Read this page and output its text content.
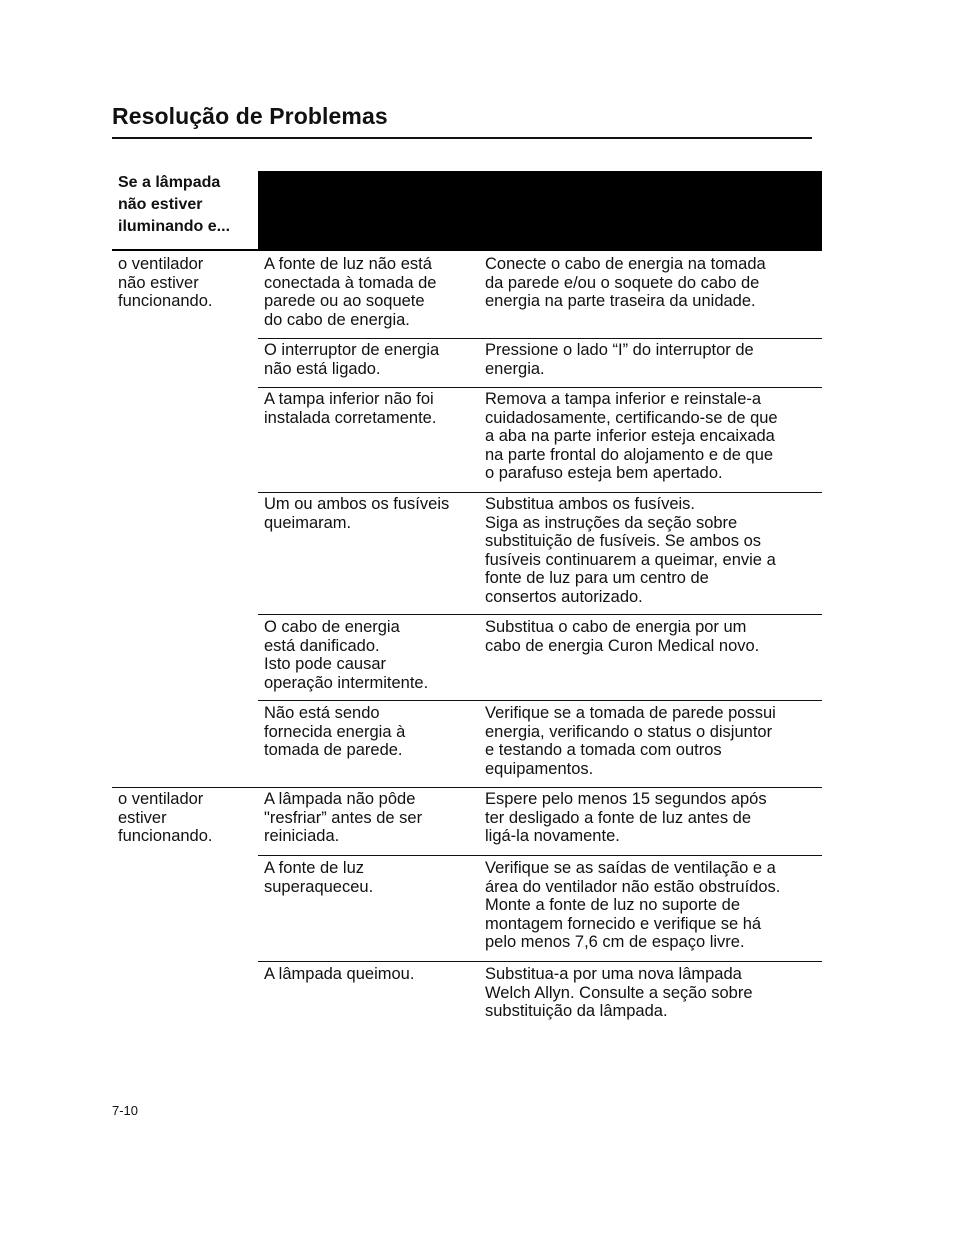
Resolução de Problemas
Se a lâmpada
não estiver
iluminando e...
o ventilador
não estiver
funcionando.
A fonte de luz não está
conectada à tomada de
parede ou ao soquete
do cabo de energia.
Conecte o cabo de energia na tomada
da parede e/ou o soquete do cabo de
energia na parte traseira da unidade.
O interruptor de energia
não está ligado.
Pressione o lado “I” do interruptor de
energia.
A tampa inferior não foi
instalada corretamente.
Remova a tampa inferior e reinstale-a
cuidadosamente, certificando-se de que
a aba na parte inferior esteja encaixada
na parte frontal do alojamento e de que
o parafuso esteja bem apertado.
Um ou ambos os fusíveis
queimaram.
Substitua ambos os fusíveis.
Siga as instruções da seção sobre
substituição de fusíveis. Se ambos os
fusíveis continuarem a queimar, envie a
fonte de luz para um centro de
consertos autorizado.
O cabo de energia
está danificado.
Isto pode causar
operação intermitente.
Substitua o cabo de energia por um
cabo de energia Curon Medical novo.
Não está sendo
fornecida energia à
tomada de parede.
Verifique se a tomada de parede possui
energia, verificando o status o disjuntor
e testando a tomada com outros
equipamentos.
o ventilador
estiver
funcionando.
A lâmpada não pôde
"resfriar” antes de ser
reiniciada.
Espere pelo menos 15 segundos após
ter desligado a fonte de luz antes de
ligá-la novamente.
A fonte de luz
superaqueceu.
Verifique se as saídas de ventilação e a
área do ventilador não estão obstruídos.
Monte a fonte de luz no suporte de
montagem fornecido e verifique se há
pelo menos 7,6 cm de espaço livre.
A lâmpada queimou.	Substitua-a por uma nova lâmpada
Welch Allyn. Consulte a seção sobre
substituição da lâmpada.
7-10
